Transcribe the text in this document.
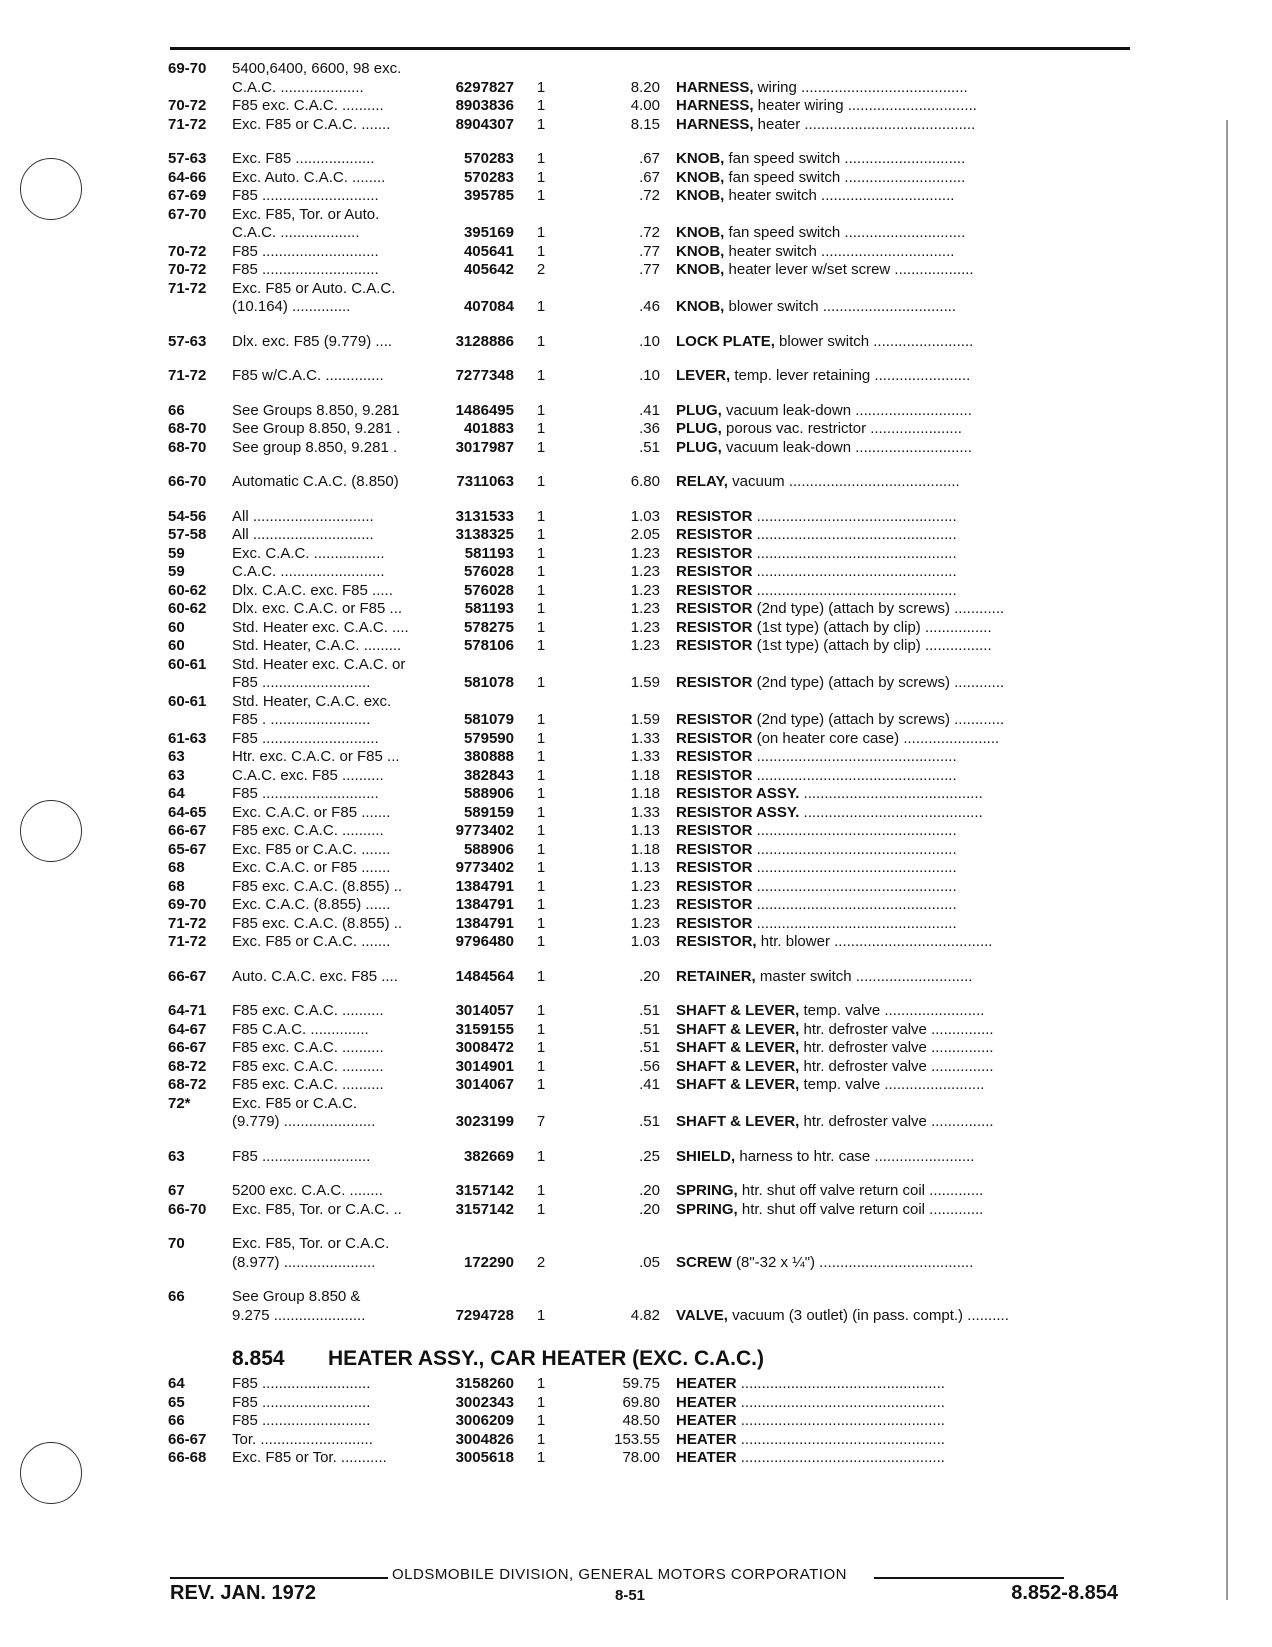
69-70 5400,6400, 6600, 98 exc.
C.A.C. ....................	6297827	1	8.20 HARNESS, wiring ........................................
70-72 F85 exc. C.A.C. ..........	8903836	1	4.00 HARNESS, heater wiring ...............................
71-72 Exc. F85 or C.A.C. .......	8904307	1	8.15 HARNESS, heater .........................................
57-63 Exc. F85 ...................	570283	1	.67 KNOB, fan speed switch .............................
64-66 Exc. Auto. C.A.C. ........	570283	1	.67 KNOB, fan speed switch .............................
67-69 F85 ............................	395785	1	.72 KNOB, heater switch ................................
67-70 Exc. F85, Tor. or Auto.
C.A.C. ...................	395169	1	.72 KNOB, fan speed switch .............................
70-72 F85 ............................	405641	1	.77 KNOB, heater switch ................................
70-72 F85 ............................	405642	2	.77 KNOB, heater lever w/set screw ...................
71-72 Exc. F85 or Auto. C.A.C.
(10.164) ..............	407084	1	.46 KNOB, blower switch ................................
57-63 Dlx. exc. F85 (9.779) ....	3128886	1	.10 LOCK PLATE, blower switch ........................
71-72 F85 w/C.A.C. ..............	7277348	1	.10 LEVER, temp. lever retaining .......................
66	See Groups 8.850, 9.281	1486495	1	.41 PLUG, vacuum leak-down ............................
68-70 See Group 8.850, 9.281 .	401883	1	.36 PLUG, porous vac. restrictor ......................
68-70 See group 8.850, 9.281 .	3017987	1	.51 PLUG, vacuum leak-down ............................
66-70 Automatic C.A.C. (8.850)	7311063	1	6.80 RELAY, vacuum .........................................
54-56 All .............................	3131533	1	1.03 RESISTOR ................................................
57-58 All .............................	3138325	1	2.05 RESISTOR ................................................
59	Exc. C.A.C. .................	581193	1	1.23 RESISTOR ................................................
59	C.A.C. .........................	576028	1	1.23 RESISTOR ................................................
60-62 Dlx. C.A.C. exc. F85 .....	576028	1	1.23 RESISTOR ................................................
60-62 Dlx. exc. C.A.C. or F85 ...	581193	1	1.23 RESISTOR (2nd type) (attach by screws) ............
60	Std. Heater exc. C.A.C. ....	578275	1	1.23 RESISTOR (1st type) (attach by clip) ................
60	Std. Heater, C.A.C. .........	578106	1	1.23 RESISTOR (1st type) (attach by clip) ................
60-61 Std. Heater exc. C.A.C. or
F85 ..........................	581078	1	1.59 RESISTOR (2nd type) (attach by screws) ............
60-61 Std. Heater, C.A.C. exc.
F85 . ........................	581079	1	1.59 RESISTOR (2nd type) (attach by screws) ............
61-63 F85 ............................	579590	1	1.33 RESISTOR (on heater core case) .......................
63	Htr. exc. C.A.C. or F85 ...	380888	1	1.33 RESISTOR ................................................
63	C.A.C. exc. F85 ..........	382843	1	1.18 RESISTOR ................................................
64	F85 ............................	588906	1	1.18 RESISTOR ASSY. ...........................................
64-65 Exc. C.A.C. or F85 .......	589159	1	1.33 RESISTOR ASSY. ...........................................
66-67 F85 exc. C.A.C. ..........	9773402	1	1.13 RESISTOR ................................................
65-67 Exc. F85 or C.A.C. .......	588906	1	1.18 RESISTOR ................................................
68	Exc. C.A.C. or F85 .......	9773402	1	1.13 RESISTOR ................................................
68	F85 exc. C.A.C. (8.855) ..	1384791	1	1.23 RESISTOR ................................................
69-70 Exc. C.A.C. (8.855) ......	1384791	1	1.23 RESISTOR ................................................
71-72 F85 exc. C.A.C. (8.855) ..	1384791	1	1.23 RESISTOR ................................................
71-72 Exc. F85 or C.A.C. .......	9796480	1	1.03 RESISTOR, htr. blower ......................................
66-67 Auto. C.A.C. exc. F85 ....	1484564	1	.20 RETAINER, master switch ............................
64-71 F85 exc. C.A.C. ..........	3014057	1	.51 SHAFT & LEVER, temp. valve ........................
64-67 F85 C.A.C. ..............	3159155	1	.51 SHAFT & LEVER, htr. defroster valve ...............
66-67 F85 exc. C.A.C. ..........	3008472	1	.51 SHAFT & LEVER, htr. defroster valve ...............
68-72 F85 exc. C.A.C. ..........	3014901	1	.56 SHAFT & LEVER, htr. defroster valve ...............
68-72 F85 exc. C.A.C. ..........	3014067	1	.41 SHAFT & LEVER, temp. valve ........................
72*	Exc. F85 or C.A.C.
(9.779) ......................	3023199	7	.51 SHAFT & LEVER, htr. defroster valve ...............
63	F85 ..........................	382669	1	.25 SHIELD, harness to htr. case ........................
67	5200 exc. C.A.C. ........	3157142	1	.20 SPRING, htr. shut off valve return coil .............
66-70 Exc. F85, Tor. or C.A.C. ..	3157142	1	.20 SPRING, htr. shut off valve return coil .............
70	Exc. F85, Tor. or C.A.C.
(8.977) ......................	172290	2	.05 SCREW (8"-32 x ¼") .....................................
66	See Group 8.850 &
9.275 ......................	7294728	1	4.82 VALVE, vacuum (3 outlet) (in pass. compt.) ..........
8.854 HEATER ASSY., CAR HEATER (EXC. C.A.C.)
64	F85 ..........................	3158260	1	59.75 HEATER .................................................
65	F85 ..........................	3002343	1	69.80 HEATER .................................................
66	F85 ..........................	3006209	1	48.50 HEATER .................................................
66-67 Tor. ...........................	3004826	1	153.55 HEATER .................................................
66-68 Exc. F85 or Tor. ...........	3005618	1	78.00 HEATER .................................................
OLDSMOBILE DIVISION, GENERAL MOTORS CORPORATION
REV. JAN. 1972	8-51	8.852-8.854
